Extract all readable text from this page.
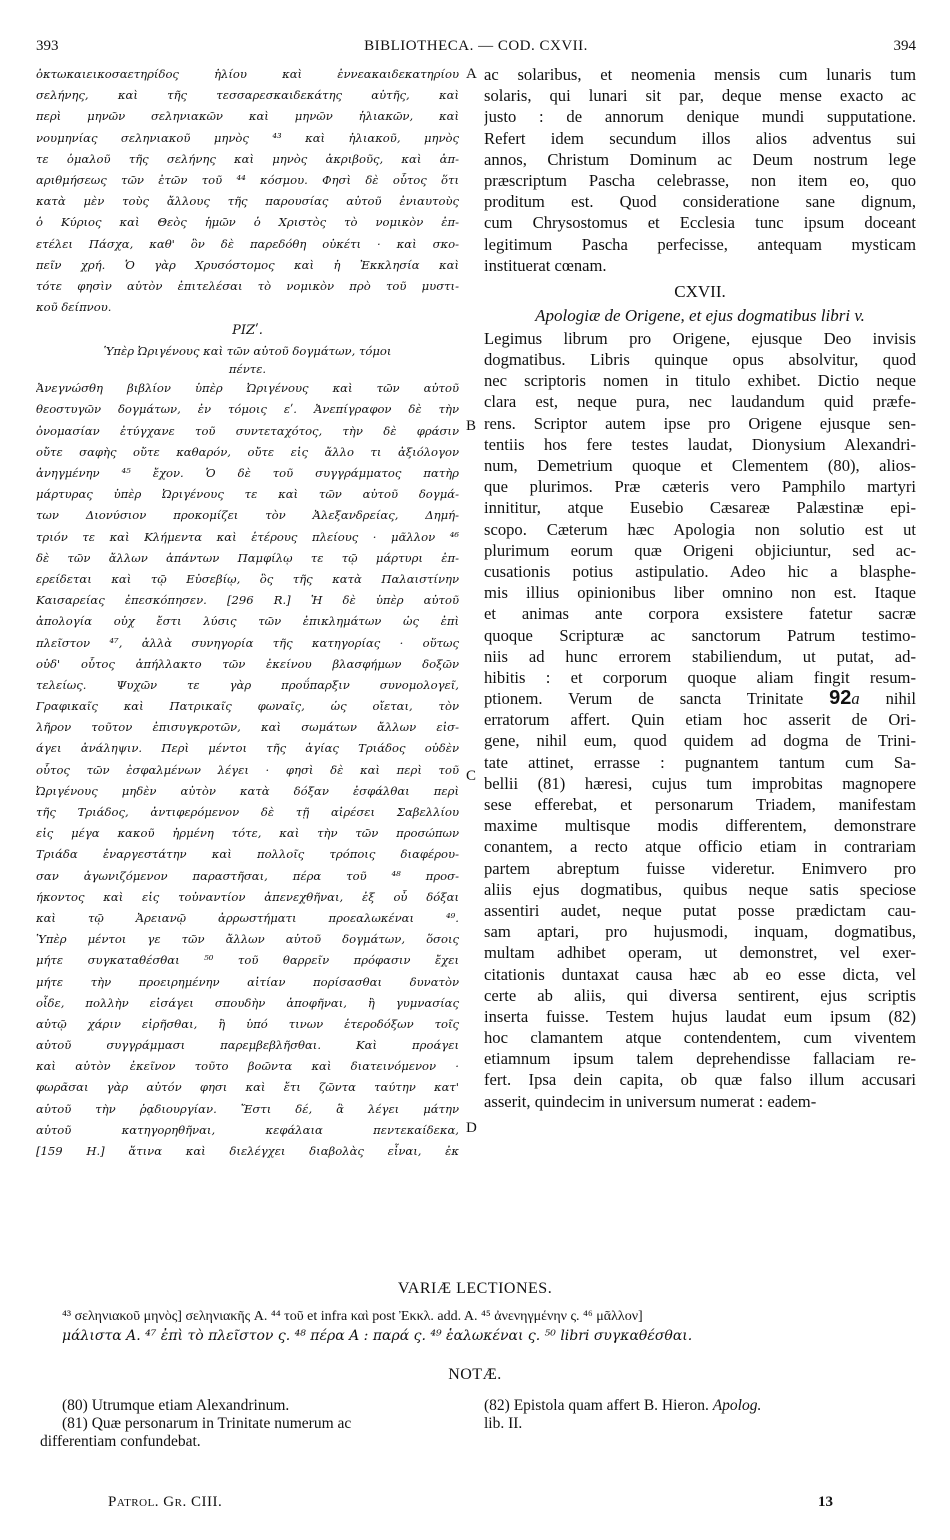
393	BIBLIOTHECA. — COD. CXVII.	394
ὀκτωκαιεικοσαετηρίδος ἡλίου καὶ ἐννεακαιδεκατηρίου
σελήνης, καὶ τῆς τεσσαρεσκαιδεκάτης αὐτῆς, καὶ
περὶ μηνῶν σεληνιακῶν καὶ μηνῶν ἡλιακῶν, καὶ
νουμηνίας σεληνιακοῦ μηνὸς ⁴³ καὶ ἡλιακοῦ, μηνὸς
τε ὁμαλοῦ τῆς σελήνης καὶ μηνὸς ἀκριβοῦς, καὶ ἀπ-
αριθμήσεως τῶν ἐτῶν τοῦ ⁴⁴ κόσμου. Φησὶ δὲ οὗτος ὅτι
κατὰ μὲν τοὺς ἄλλους τῆς παρουσίας αὐτοῦ ἐνιαυτοὺς
ὁ Κύριος καὶ Θεὸς ἡμῶν ὁ Χριστὸς τὸ νομικὸν ἐπ-
ετέλει Πάσχα, καθ' ὃν δὲ παρεδόθη οὐκέτι · καὶ σκο-
πεῖν χρή. Ὁ γὰρ Χρυσόστομος καὶ ἡ Ἐκκλησία καὶ
τότε φησὶν αὐτὸν ἐπιτελέσαι τὸ νομικὸν πρὸ τοῦ μυστι-
κοῦ δείπνου.
ΡΙΖʹ.
Ὑπὲρ Ὠριγένους καὶ τῶν αὐτοῦ δογμάτων, τόμοι
πέντε.
Ἀνεγνώσθη βιβλίον ὑπὲρ Ὠριγένους καὶ τῶν αὐτοῦ
θεοστυγῶν δογμάτων, ἐν τόμοις εʹ. Ἀνεπίγραφον δὲ τὴν
ὀνομασίαν ἐτύγχανε τοῦ συντεταχότος, τὴν δὲ φράσιν
οὔτε σαφὴς οὔτε καθαρόν, οὔτε εἰς ἄλλο τι ἀξιόλογον
ἀνηγμένην ⁴⁵ ἔχον. Ὁ δὲ τοῦ συγγράμματος πατὴρ
μάρτυρας ὑπὲρ Ὠριγένους τε καὶ τῶν αὐτοῦ δογμά-
των Διονύσιον προκομίζει τὸν Ἀλεξανδρείας, Δημή-
τριόν τε καὶ Κλήμεντα καὶ ἑτέρους πλείους · μᾶλλον ⁴⁶
δὲ τῶν ἄλλων ἁπάντων Παμφίλῳ τε τῷ μάρτυρι ἐπ-
ερείδεται καὶ τῷ Εὐσεβίῳ, ὃς τῆς κατὰ Παλαιστίνην
Καισαρείας ἐπεσκόπησεν. [296 R.] Ἡ δὲ ὑπὲρ αὐτοῦ
ἀπολογία οὐχ ἔστι λύσις τῶν ἐπικλημάτων ὡς ἐπὶ
πλεῖστον ⁴⁷, ἀλλὰ συνηγορία τῆς κατηγορίας · οὕτως
οὐδ' οὗτος ἀπήλλακτο τῶν ἐκείνου βλασφήμων δοξῶν
τελείως. Ψυχῶν τε γὰρ προΰπαρξιν συνομολογεῖ,
Γραφικαῖς καὶ Πατρικαῖς φωναῖς, ὡς οἴεται, τὸν
λῆρον τοῦτον ἐπισυγκροτῶν, καὶ σωμάτων ἄλλων εἰσ-
άγει ἀνάληψιν. Περὶ μέντοι τῆς ἁγίας Τριάδος οὐδὲν
οὗτος τῶν ἐσφαλμένων λέγει · φησὶ δὲ καὶ περὶ τοῦ
Ὠριγένους μηδὲν αὐτὸν κατὰ δόξαν ἐσφάλθαι περὶ
τῆς Τριάδος, ἀντιφερόμενον δὲ τῇ αἱρέσει Σαβελλίου
εἰς μέγα κακοῦ ἠρμένη τότε, καὶ τὴν τῶν προσώπων
Τριάδα ἐναργεστάτην καὶ πολλοῖς τρόποις διαφέρου-
σαν ἀγωνιζόμενον παραστῆσαι, πέρα τοῦ ⁴⁸ προσ-
ήκοντος καὶ εἰς τοὐναντίον ἀπενεχθῆναι, ἐξ οὗ δόξαι
καὶ τῷ Ἀρειανῷ ἀρρωστήματι προεαλωκέναι ⁴⁹.
Ὑπὲρ μέντοι γε τῶν ἄλλων αὐτοῦ δογμάτων, ὅσοις
μήτε συγκαταθέσθαι ⁵⁰ τοῦ θαρρεῖν πρόφασιν ἔχει
μήτε τὴν προειρημένην αἰτίαν πορίσασθαι δυνατὸν
οἶδε, πολλὴν εἰσάγει σπουδὴν ἀποφῆναι, ἢ γυμνασίας
αὐτῷ χάριν εἰρῆσθαι, ἢ ὑπό τινων ἑτεροδόξων τοῖς
αὐτοῦ συγγράμμασι παρεμβεβλῆσθαι. Καὶ προάγει
καὶ αὐτὸν ἐκεῖνον τοῦτο βοῶντα καὶ διατεινόμενον ·
φωρᾶσαι γὰρ αὐτόν φησι καὶ ἔτι ζῶντα ταύτην κατ'
αὐτοῦ τὴν ῥᾳδιουργίαν. Ἔστι δέ, ἃ λέγει μάτην
αὐτοῦ κατηγορηθῆναι, κεφάλαια πεντεκαίδεκα,
[159 H.] ἅτινα καὶ διελέγχει διαβολὰς εἶναι, ἐκ
A
B
C
D
ac solaribus, et neomenia mensis cum lunaris tum
solaris, qui lunari sit par, deque mense exacto ac
justo : de annorum denique mundi supputatione.
Refert idem secundum illos alios adventus sui
annos, Christum Dominum ac Deum nostrum lege
præscriptum Pascha celebrasse, non item eo, quo
proditum est. Quod consideratione sane dignum,
cum Chrysostomus et Ecclesia tunc ipsum doceant
legitimum Pascha perfecisse, antequam mysticam
instituerat cœnam.
CXVII.
Apologiæ de Origene, et ejus dogmatibus libri v.
Legimus librum pro Origene, ejusque Deo invisis
dogmatibus. Libris quinque opus absolvitur, quod
nec scriptoris nomen in titulo exhibet. Dictio neque
clara est, neque pura, nec laudandum quid præfe-
rens. Scriptor autem ipse pro Origene ejusque sen-
tentiis hos fere testes laudat, Dionysium Alexandri-
num, Demetrium quoque et Clementem (80), alios-
que plurimos. Præ cæteris vero Pamphilo martyri
innititur, atque Eusebio Cæsareæ Palæstinæ epi-
scopo. Cæterum hæc Apologia non solutio est ut
plurimum eorum quæ Origeni objiciuntur, sed ac-
cusationis potius astipulatio. Adeo hic a blasphe-
mis illius opinionibus liber omnino non est. Itaque
et animas ante corpora exsistere fatetur sacræ
quoque Scripturæ ac sanctorum Patrum testimo-
niis ad hunc errorem stabiliendum, ut putat, ad-
hibitis : et corporum quoque aliam fingit resum-
ptionem. Verum de sancta Trinitate 92a nihil
erratorum affert. Quin etiam hoc asserit de Ori-
gene, nihil eum, quod quidem ad dogma de Trini-
tate attinet, errasse : pugnantem tantum cum Sa-
bellii (81) hæresi, cujus tum improbitas magnopere
sese efferebat, et personarum Triadem, manifestam
maxime multisque modis differentem, demonstrare
conantem, a recto atque officio etiam in contrariam
partem abreptum fuisse videretur. Enimvero pro
aliis ejus dogmatibus, quibus neque satis speciose
assentiri audet, neque putat posse prædictam cau-
sam aptari, pro hujusmodi, inquam, dogmatibus,
multam adhibet operam, ut demonstret, vel exer-
citationis duntaxat causa hæc ab eo esse dicta, vel
certe ab aliis, qui diversa sentirent, ejus scriptis
inserta fuisse. Testem hujus laudat eum ipsum (82)
hoc clamantem atque contendentem, cum viventem
etiamnum ipsum talem deprehendisse fallaciam re-
fert. Ipsa dein capita, ob quæ falso illum accusari
asserit, quindecim in universum numerat : eadem-
VARIÆ LECTIONES.
⁴³ σεληνιακοῦ μηνὸς] σεληνιακῆς A. ⁴⁴ τοῦ et infra καὶ post Ἐκκλ. add. A. ⁴⁵ ἀνενηγμένην ς. ⁴⁶ μᾶλλον]
μάλιστα A. ⁴⁷ ἐπὶ τὸ πλεῖστον ς. ⁴⁸ πέρα A : παρά ς. ⁴⁹ ἑαλωκέναι ς. ⁵⁰ libri συγκαθέσθαι.
NOTÆ.
(80) Utrumque etiam Alexandrinum.
(81) Quæ personarum in Trinitate numerum ac
differentiam confundebat.
(82) Epistola quam affert B. Hieron. Apolog.
lib. II.
Patrol. Gr. CIII.	13
